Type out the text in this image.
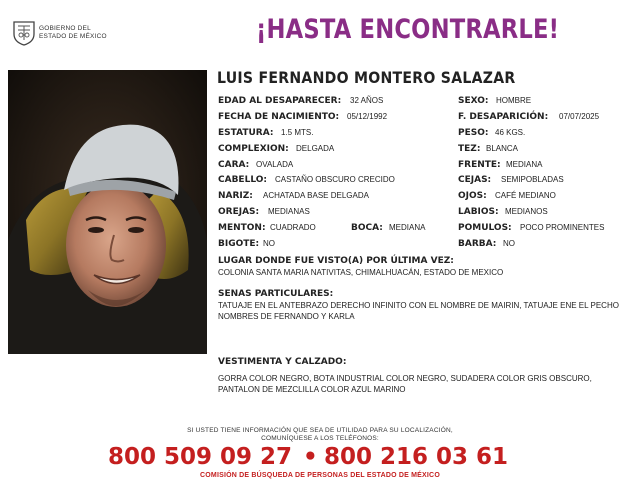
GOBIERNO DEL
ESTADO DE MÉXICO	¡HASTA ENCONTRARLE!
LUIS FERNANDO MONTERO SALAZAR
EDAD AL DESAPARECER: 32 AÑOS
FECHA DE NACIMIENTO: 05/12/1992
ESTATURA: 1.5 MTS.
COMPLEXION: DELGADA
CARA: OVALADA
CABELLO: CASTAÑO OBSCURO CRECIDO
NARIZ: ACHATADA BASE DELGADA
OREJAS: MEDIANAS
MENTON: CUADRADO	BOCA: MEDIANA
BIGOTE: NO
SEXO: HOMBRE
F. DESAPARICIÓN: 07/07/2025
PESO: 46 KGS.
TEZ: BLANCA
FRENTE: MEDIANA
CEJAS: SEMIPOBLADAS
OJOS: CAFÉ MEDIANO
LABIOS: MEDIANOS
POMULOS: POCO PROMINENTES
BARBA: NO
LUGAR DONDE FUE VISTO(A) POR ÚLTIMA VEZ:
COLONIA SANTA MARIA NATIVITAS, CHIMALHUACÁN, ESTADO DE MEXICO
SENAS PARTICULARES:
TATUAJE EN EL ANTEBRAZO DERECHO INFINITO CON EL NOMBRE DE MAIRIN, TATUAJE ENE EL PECHO NOMBRES DE FERNANDO Y KARLA
VESTIMENTA Y CALZADO:
GORRA COLOR NEGRO, BOTA INDUSTRIAL COLOR NEGRO, SUDADERA COLOR GRIS OBSCURO, PANTALON DE MEZCLILLA COLOR AZUL MARINO
SI USTED TIENE INFORMACIÓN QUE SEA DE UTILIDAD PARA SU LOCALIZACIÓN,
COMUNÍQUESE A LOS TELÉFONOS:
800 509 09 27 • 800 216 03 61
COMISIÓN DE BÚSQUEDA DE PERSONAS DEL ESTADO DE MÉXICO
